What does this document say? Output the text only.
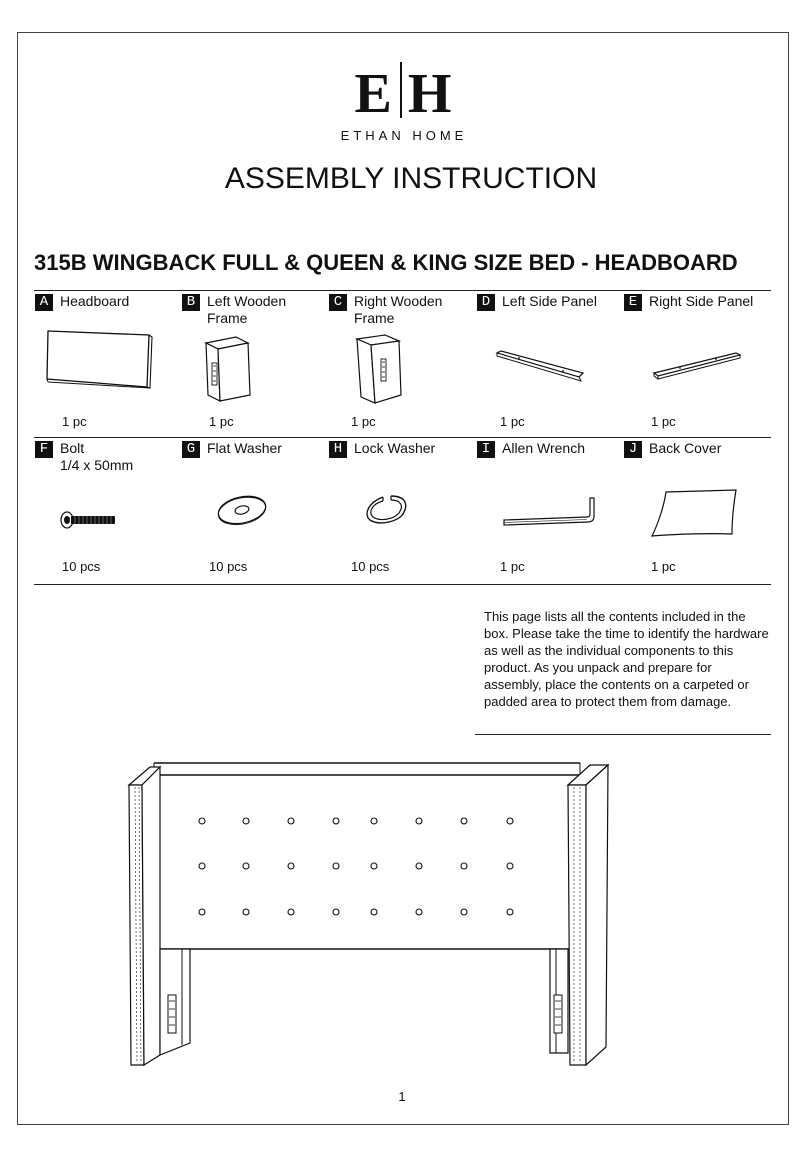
E H
ETHAN HOME
ASSEMBLY INSTRUCTION
315B WINGBACK FULL & QUEEN & KING SIZE BED - HEADBOARD
A Headboard
1 pc
B Left Wooden Frame
1 pc
C Right Wooden Frame
1 pc
D Left Side Panel
1 pc
E Right Side Panel
1 pc
F Bolt
1/4 x 50mm
10 pcs
G Flat Washer
10 pcs
H Lock Washer
10 pcs
I Allen Wrench
1 pc
J Back Cover
1 pc
This page lists all the contents included in the box. Please take the time to identify the hardware as well as the individual components to this product. As you unpack and prepare for assembly, place the contents on a carpeted or padded area to protect them from damage.
1
